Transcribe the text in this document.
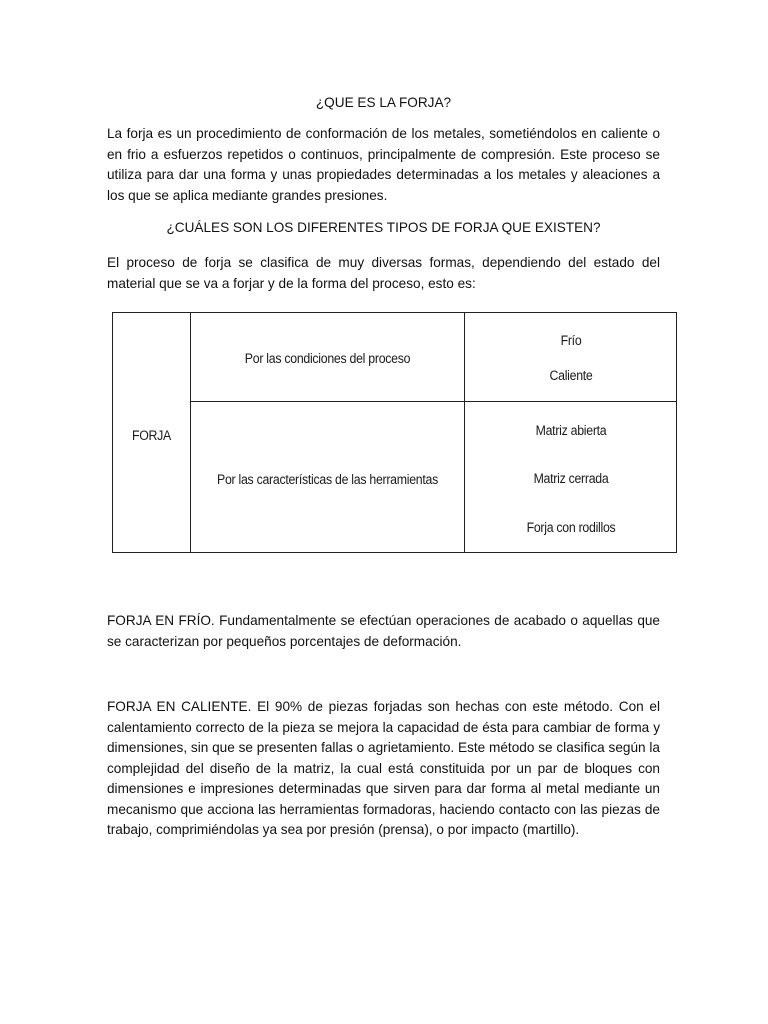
¿QUE ES LA FORJA?

La forja es un procedimiento de conformación de los metales, sometiéndolos en caliente o en frio a esfuerzos repetidos o continuos, principalmente de compresión. Este proceso se utiliza para dar una forma y unas propiedades determinadas a los metales y aleaciones a los que se aplica mediante grandes presiones.

¿CUÁLES SON LOS DIFERENTES TIPOS DE FORJA QUE EXISTEN?

El proceso de forja se clasifica de muy diversas formas, dependiendo del estado del material que se va a forjar y de la forma del proceso, esto es:

FORJA
Por las condiciones del proceso
Por las características de las herramientas
Frío
Caliente
Matriz abierta
Matriz cerrada
Forja con rodillos

FORJA EN FRÍO. Fundamentalmente se efectúan operaciones de acabado o aquellas que se caracterizan por pequeños porcentajes de deformación.

FORJA EN CALIENTE. El 90% de piezas forjadas son hechas con este método. Con el calentamiento correcto de la pieza se mejora la capacidad de ésta para cambiar de forma y dimensiones, sin que se presenten fallas o agrietamiento. Este método se clasifica según la complejidad del diseño de la matriz, la cual está constituida por un par de bloques con dimensiones e impresiones determinadas que sirven para dar forma al metal mediante un mecanismo que acciona las herramientas formadoras, haciendo contacto con las piezas de trabajo, comprimiéndolas ya sea por presión (prensa), o por impacto (martillo).
